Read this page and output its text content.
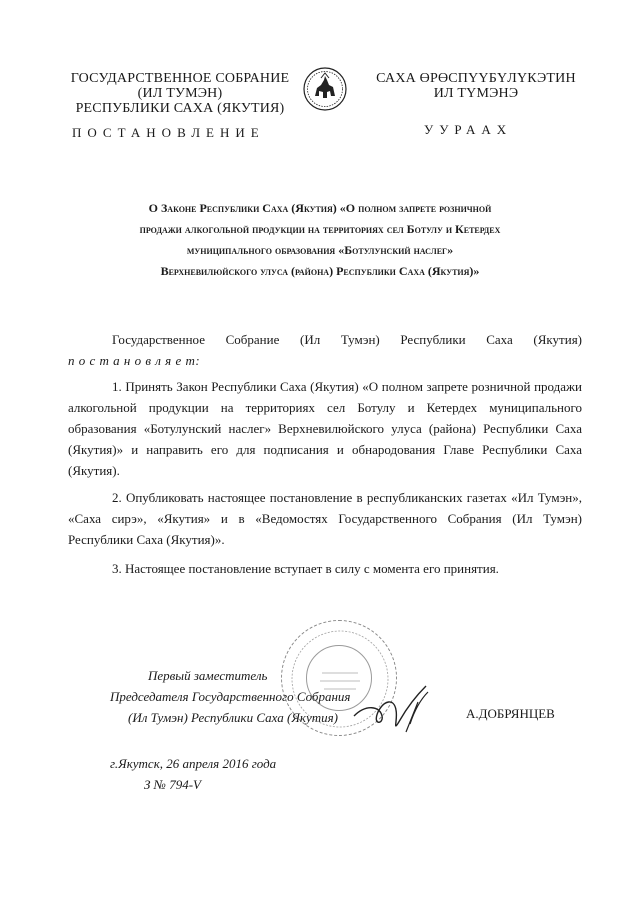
ГОСУДАРСТВЕННОЕ СОБРАНИЕ
(ИЛ ТУМЭН)
РЕСПУБЛИКИ САХА (ЯКУТИЯ)
САХА ӨРӨСПҮҮБҮЛҮКЭТИН
ИЛ ТҮМЭНЭ
ПОСТАНОВЛЕНИЕ	УУРААХ
О Законе Республики Саха (Якутия) «О полном запрете розничной
продажи алкогольной продукции на территориях сел Ботулу и Кетердех
муниципального образования «Ботулунский наслег»
Верхневилюйского улуса (района) Республики Саха (Якутия)»

Государственное Собрание (Ил Тумэн) Республики Саха (Якутия)

п о с т а н о в л я е т:

1. Принять Закон Республики Саха (Якутия) «О полном запрете розничной продажи алкогольной продукции на территориях сел Ботулу и Кетердех муниципального образования «Ботулунский наслег» Верхневилюйского улуса (района) Республики Саха (Якутия)» и направить его для подписания и обнародования Главе Республики Саха (Якутия).

2. Опубликовать настоящее постановление в республиканских газетах «Ил Тумэн», «Саха сирэ», «Якутия» и в «Ведомостях Государственного Собрания (Ил Тумэн) Республики Саха (Якутия)».

3. Настоящее постановление вступает в силу с момента его принятия.

Первый заместитель
Председателя Государственного Собрания
(Ил Тумэн) Республики Саха (Якутия)	А.ДОБРЯНЦЕВ
г.Якутск, 26 апреля 2016 года
З № 794-V
